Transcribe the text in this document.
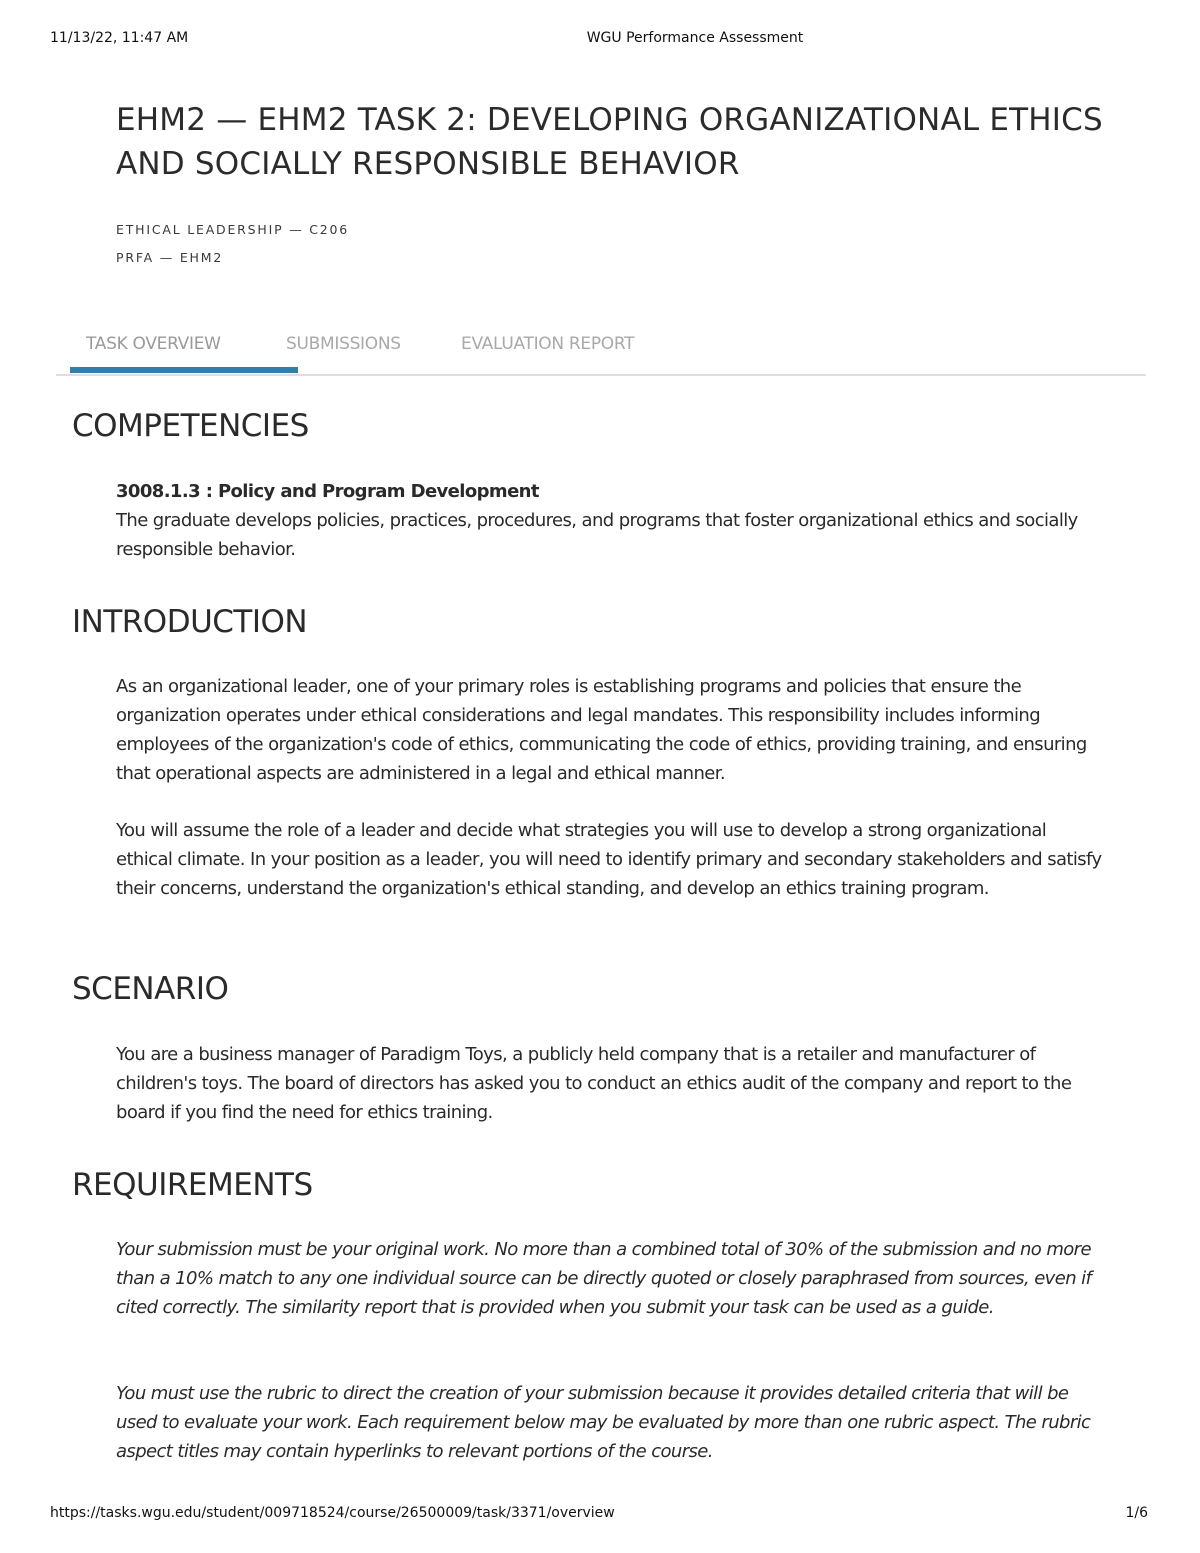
11/13/22, 11:47 AM	WGU Performance Assessment
EHM2 — EHM2 TASK 2: DEVELOPING ORGANIZATIONAL ETHICS AND SOCIALLY RESPONSIBLE BEHAVIOR
ETHICAL LEADERSHIP — C206
PRFA — EHM2
TASK OVERVIEW	SUBMISSIONS	EVALUATION REPORT
COMPETENCIES

3008.1.3 : Policy and Program Development

The graduate develops policies, practices, procedures, and programs that foster organizational ethics and socially responsible behavior.

INTRODUCTION

As an organizational leader, one of your primary roles is establishing programs and policies that ensure the organization operates under ethical considerations and legal mandates. This responsibility includes informing employees of the organization's code of ethics, communicating the code of ethics, providing training, and ensuring that operational aspects are administered in a legal and ethical manner.

You will assume the role of a leader and decide what strategies you will use to develop a strong organizational ethical climate. In your position as a leader, you will need to identify primary and secondary stakeholders and satisfy their concerns, understand the organization's ethical standing, and develop an ethics training program.

SCENARIO

You are a business manager of Paradigm Toys, a publicly held company that is a retailer and manufacturer of children's toys. The board of directors has asked you to conduct an ethics audit of the company and report to the board if you find the need for ethics training.

REQUIREMENTS

Your submission must be your original work. No more than a combined total of 30% of the submission and no more than a 10% match to any one individual source can be directly quoted or closely paraphrased from sources, even if cited correctly. The similarity report that is provided when you submit your task can be used as a guide.

You must use the rubric to direct the creation of your submission because it provides detailed criteria that will be used to evaluate your work. Each requirement below may be evaluated by more than one rubric aspect. The rubric aspect titles may contain hyperlinks to relevant portions of the course.

https://tasks.wgu.edu/student/009718524/course/26500009/task/3371/overview	1/6
